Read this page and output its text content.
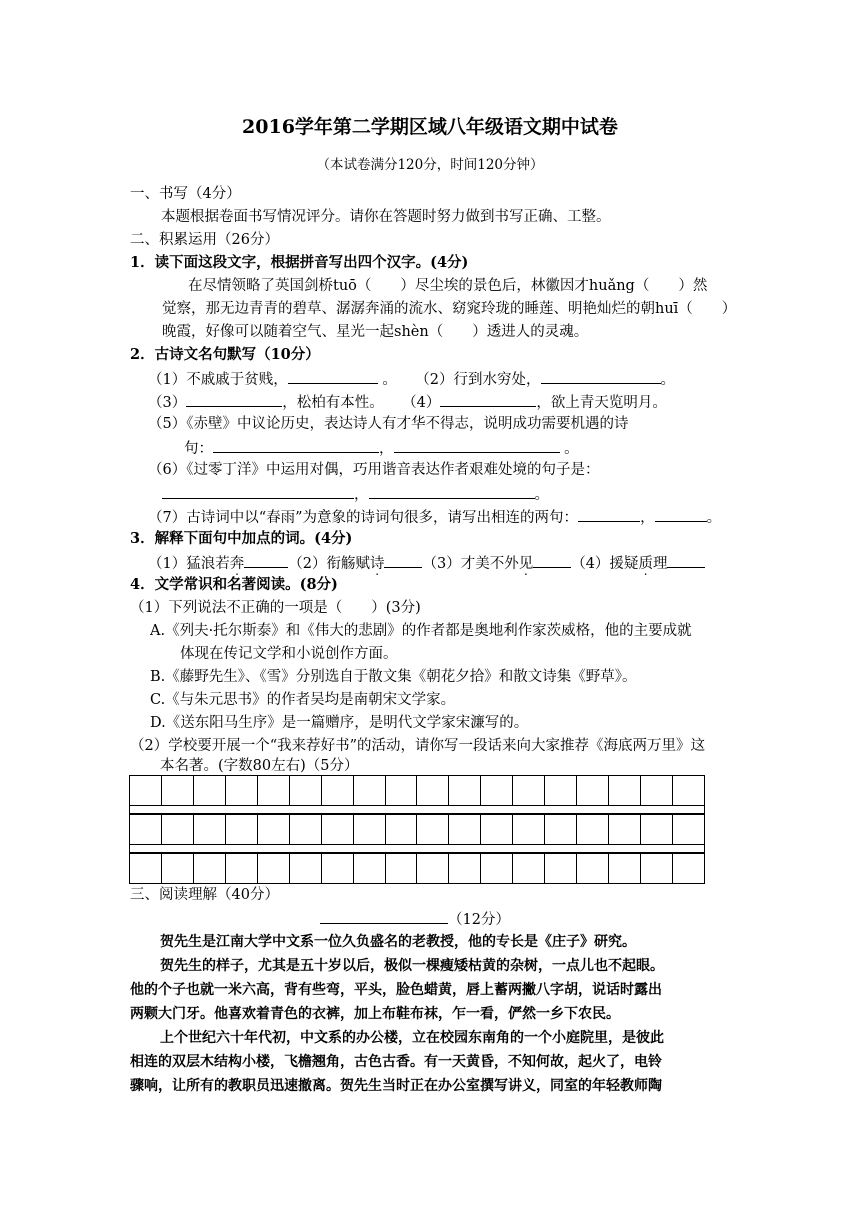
2016学年第二学期区域八年级语文期中试卷
（本试卷满分120分，时间120分钟）
一、书写（4分）
本题根据卷面书写情况评分。请你在答题时努力做到书写正确、工整。
二、积累运用（26分）
1．读下面这段文字，根据拼音写出四个汉字。(4分)
在尽情领略了英国剑桥tuō（　　）尽尘埃的景色后，林徽因才huǎng（　　）然
觉察，那无边青青的碧草、潺潺奔涌的流水、窈窕玲珑的睡莲、明艳灿烂的朝huī（　　）
晚霞，好像可以随着空气、星光一起shèn（　　）透进人的灵魂。
2．古诗文名句默写（10分）
（1）不戚戚于贫贱，	。 （2）行到水穷处，	。
（3）	，松柏有本性。 （4）	，欲上青天览明月。
（5）《赤壁》中议论历史，表达诗人有才华不得志，说明成功需要机遇的诗
句：	，	。
（6）《过零丁洋》中运用对偶，巧用谐音表达作者艰难处境的句子是：
，	。
（7）古诗词中以“春雨”为意象的诗词句很多，请写出相连的两句：	，	。
3．解释下面句中加点的词。(4分)
（1）猛浪若奔	（2）衔觞赋诗	（3）才美不外见	（4）援疑质理
4．文学常识和名著阅读。(8分)
（1）下列说法不正确的一项是（　　）(3分)
A.《列夫·托尔斯泰》和《伟大的悲剧》的作者都是奥地利作家茨威格，他的主要成就
体现在传记文学和小说创作方面。
B.《藤野先生》、《雪》分别选自于散文集《朝花夕拾》和散文诗集《野草》。
C.《与朱元思书》的作者吴均是南朝宋文学家。
D.《送东阳马生序》是一篇赠序，是明代文学家宋濂写的。
（2）学校要开展一个“我来荐好书”的活动，请你写一段话来向大家推荐《海底两万里》这
本名著。(字数80左右)（5分）

三、阅读理解（40分）
（12分）
贺先生是江南大学中文系一位久负盛名的老教授，他的专长是《庄子》研究。
贺先生的样子，尤其是五十岁以后，极似一棵瘦矮枯黄的杂树，一点儿也不起眼。
他的个子也就一米六高，背有些弯，平头，脸色蜡黄，唇上蓄两撇八字胡，说话时露出
两颗大门牙。他喜欢着青色的衣裤，加上布鞋布袜，乍一看，俨然一乡下农民。
上个世纪六十年代初，中文系的办公楼，立在校园东南角的一个小庭院里，是彼此
相连的双层木结构小楼，飞檐翘角，古色古香。有一天黄昏，不知何故，起火了，电铃
骤响，让所有的教职员迅速撤离。贺先生当时正在办公室撰写讲义，同室的年轻教师陶
